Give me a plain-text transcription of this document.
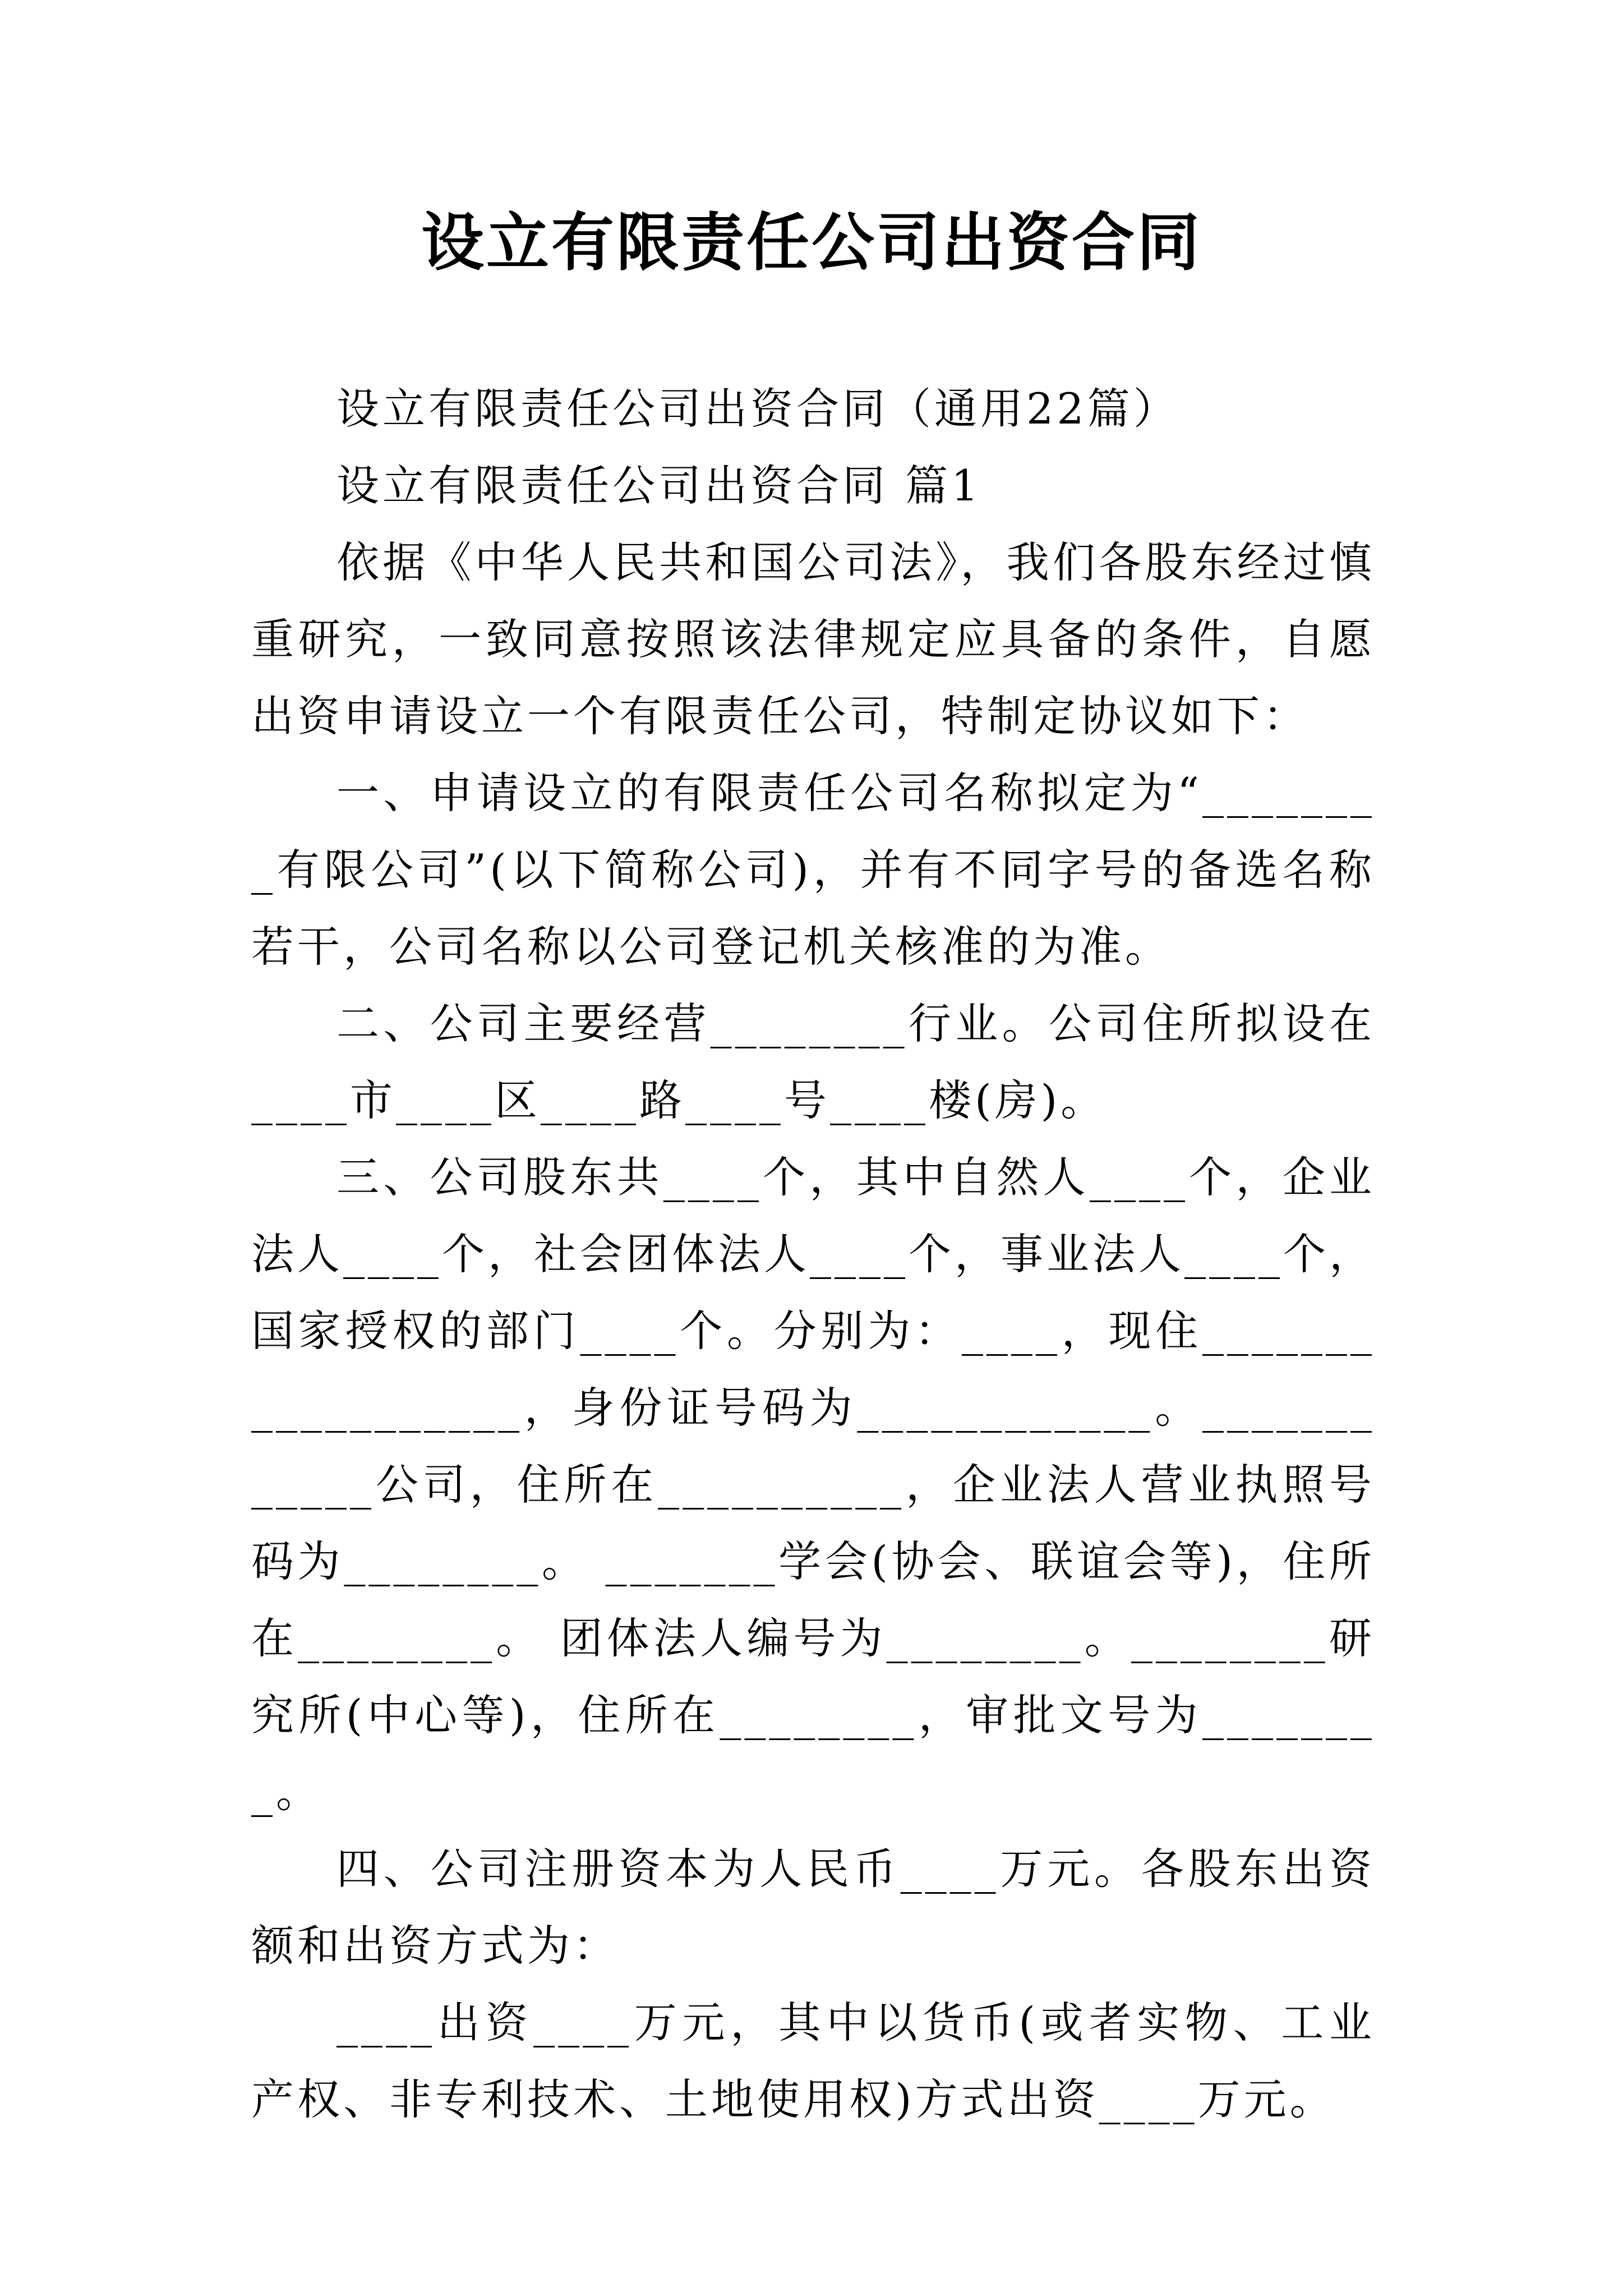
设立有限责任公司出资合同

设立有限责任公司出资合同（通用22篇）

设立有限责任公司出资合同 篇1

依据《中华人民共和国公司法》，我们各股东经过慎重研究，一致同意按照该法律规定应具备的条件，自愿出资申请设立一个有限责任公司，特制定协议如下：

一、申请设立的有限责任公司名称拟定为“________有限公司”(以下简称公司)，并有不同字号的备选名称若干，公司名称以公司登记机关核准的为准。

二、公司主要经营________行业。公司住所拟设在____市____区____路____号____楼(房)。

三、公司股东共____个，其中自然人____个，企业法人____个，社会团体法人____个，事业法人____个，国家授权的部门____个。分别为：____，现住__________________，身份证号码为____________。____________公司，住所在__________，企业法人营业执照号码为________。 _______学会(协会、联谊会等)，住所在________。 团体法人编号为________。________研究所(中心等)，住所在________，审批文号为________。

四、公司注册资本为人民币____万元。各股东出资额和出资方式为：

____出资____万元，其中以货币(或者实物、工业产权、非专利技术、土地使用权)方式出资____万元。
